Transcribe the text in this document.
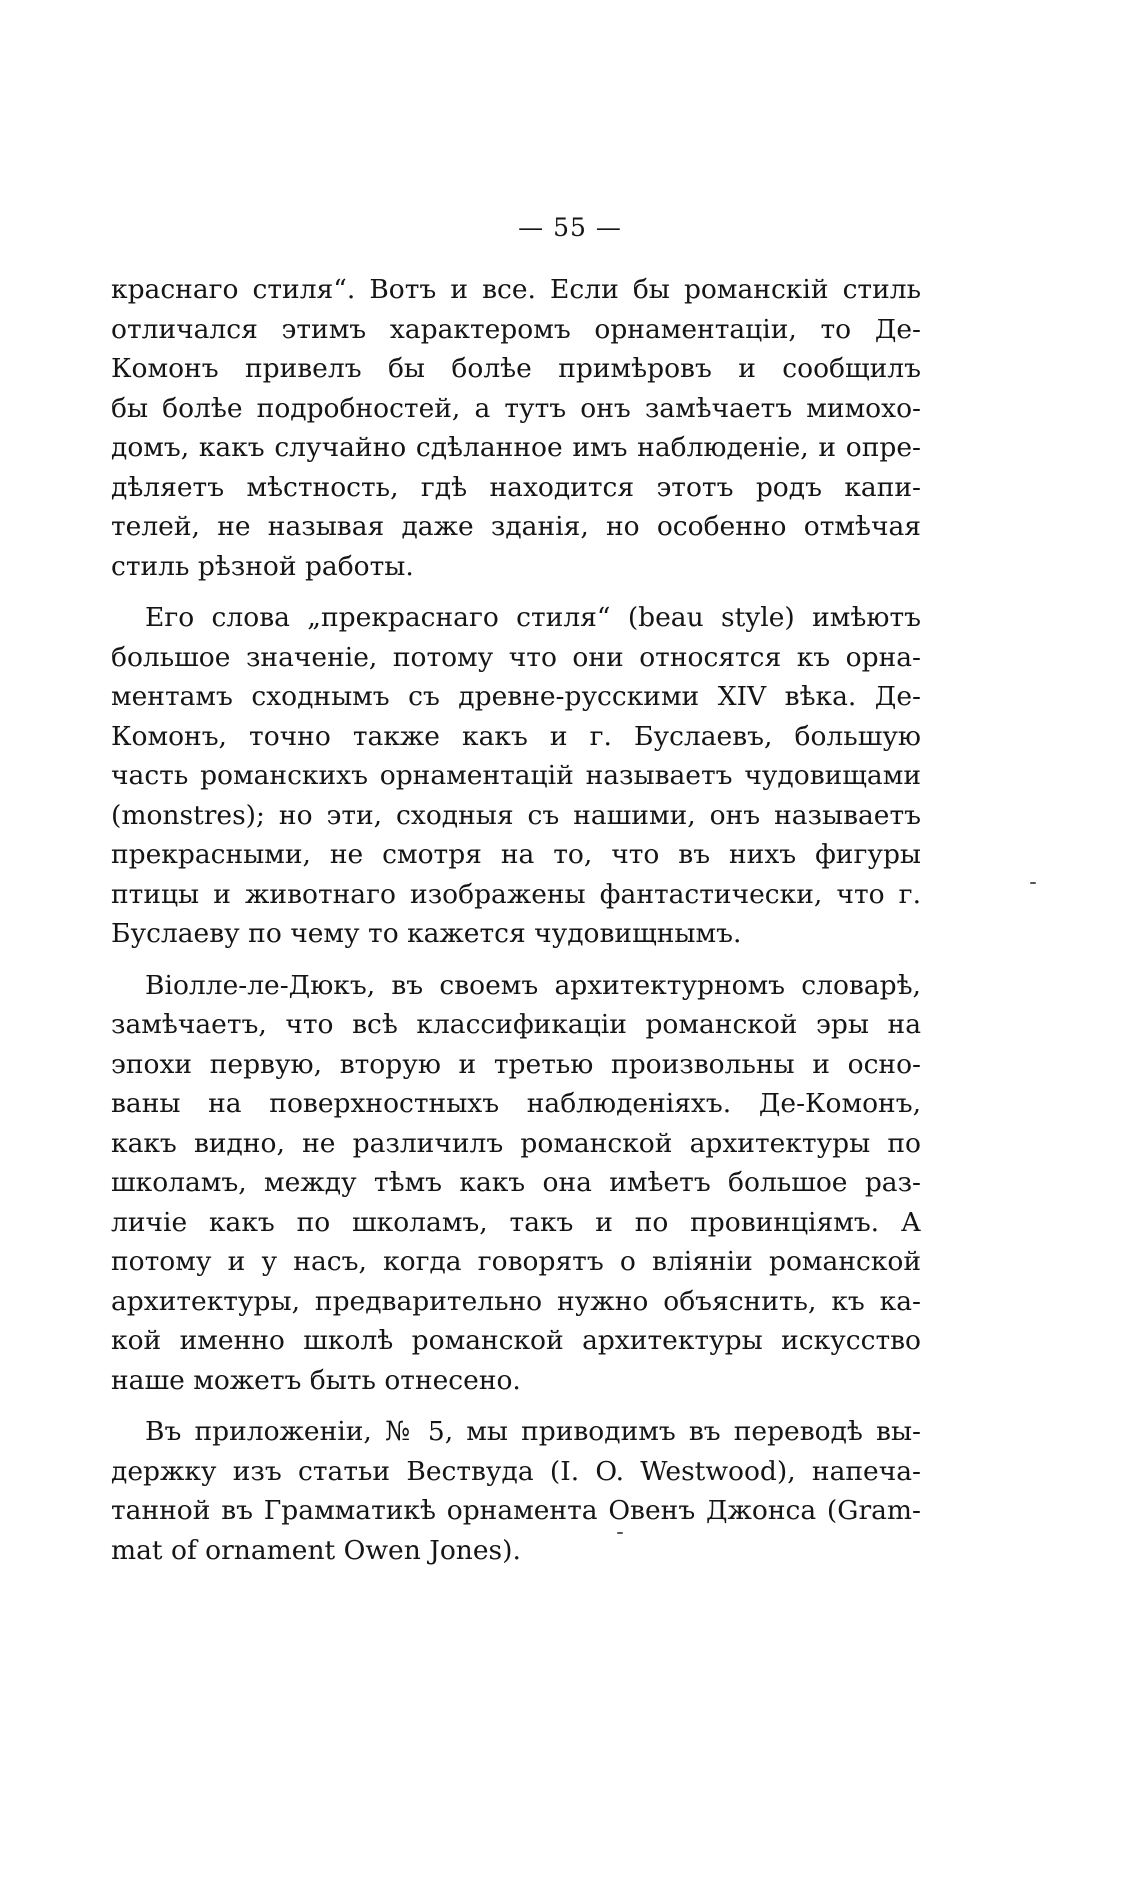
— 55 —
краснаго стиля“. Вотъ и все. Если бы романскій стиль
отличался этимъ характеромъ орнаментаціи, то Де-
Комонъ привелъ бы болѣе примѣровъ и сообщилъ
бы болѣе подробностей, а тутъ онъ замѣчаетъ мимохо-
домъ, какъ случайно сдѣланное имъ наблюденіе, и опре-
дѣляетъ мѣстность, гдѣ находится этотъ родъ капи-
телей, не называя даже зданія, но особенно отмѣчая
стиль рѣзной работы.
Его слова „прекраснаго стиля“ (beau style) имѣютъ
большое значеніе, потому что они относятся къ орна-
ментамъ сходнымъ съ древне-русскими XIV вѣка. Де-
Комонъ, точно также какъ и г. Буслаевъ, большую
часть романскихъ орнаментацій называетъ чудовищами
(monstres); но эти, сходныя съ нашими, онъ называетъ
прекрасными, не смотря на то, что въ нихъ фигуры
птицы и животнаго изображены фантастически, что г.
Буслаеву по чему то кажется чудовищнымъ.
Віолле-ле-Дюкъ, въ своемъ архитектурномъ словарѣ,
замѣчаетъ, что всѣ классификаціи романской эры на
эпохи первую, вторую и третью произвольны и осно-
ваны на поверхностныхъ наблюденіяхъ. Де-Комонъ,
какъ видно, не различилъ романской архитектуры по
школамъ, между тѣмъ какъ она имѣетъ большое раз-
личіе какъ по школамъ, такъ и по провинціямъ. А
потому и у насъ, когда говорятъ о вліяніи романской
архитектуры, предварительно нужно объяснить, къ ка-
кой именно школѣ романской архитектуры искусство
наше можетъ быть отнесено.
Въ приложеніи, № 5, мы приводимъ въ переводѣ вы-
держку изъ статьи Вествуда (I. O. Westwood), напеча-
танной въ Грамматикѣ орнамента Овенъ Джонса (Gram-
mat of ornament Owen Jones).
